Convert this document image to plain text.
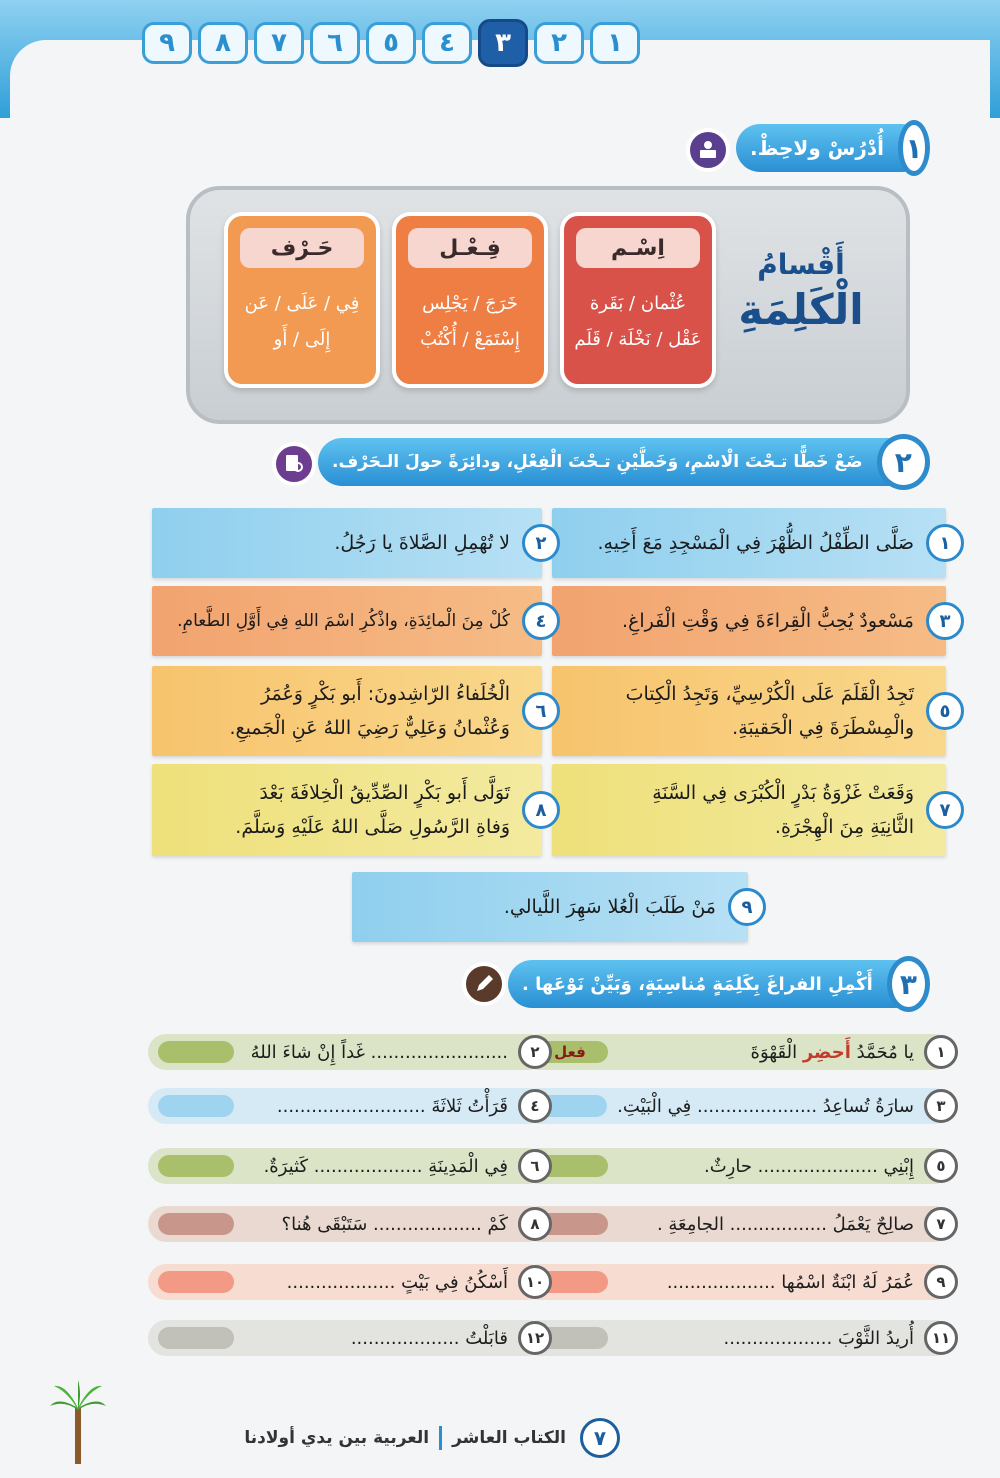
١
٢
٣
٤
٥
٦
٧
٨
٩
١
أُدْرُسْ ولاحِظْ.
أَقْسامُ
الْكَلِمَةِ
اِسْـم
عُثْمان / بَقَرة
عَقْل / نَخْلَة / قَلَم
فِـعْـل
خَرَجَ / يَجْلِس
إِسْتَمَعْ / أُكْتُبْ
حَـرْف
فِي / عَلَى / عَن
إِلَى / أَو
٢
ضَعْ خَطًّا تـحْتَ الْاسْمِ، وَخَطَّيْنِ تـحْتَ الْفِعْلِ، ودائِرَةً حولَ الـحَرْف.
١
صَلَّى الطِّفْلُ الظُّهْرَ فِي الْمَسْجِدِ مَعَ أَخِيهِ.
٢
لا تُهْمِلِ الصَّلاةَ يا رَجُلُ.
٣
مَسْعودٌ يُحِبُّ الْقِراءَةَ فِي وَقْتِ الْفَراغِ.
٤
كُلْ مِنَ الْمائِدَةِ، واذْكُرِ اسْمَ اللهِ فِي أَوَّلِ الطَّعامِ.
٥
تَجِدُ الْقَلَمَ عَلَى الْكُرْسِيِّ، وَتَجِدُ الْكِتابَ
والْمِسْطَرَةَ فِي الْحَقيبَةِ.
٦
الْخُلَفاءُ الرّاشِدونَ: أَبو بَكْرٍ وَعُمَرُ
وَعُثْمانُ وَعَلِيٌّ رَضِيَ اللهُ عَنِ الْجَميعِ.
٧
وَقَعَتْ غَزْوَةُ بَدْرٍ الْكُبْرَى فِي السَّنَةِ
الثَّانِيَةِ مِنَ الْهِجْرَةِ.
٨
تَوَلَّى أَبو بَكْرٍ الصِّدِّيقُ الْخِلافَةَ بَعْدَ
وَفاةِ الرَّسُولِ صَلَّى اللهُ عَلَيْهِ وَسَلَّمَ.
٩
مَنْ طَلَبَ الْعُلا سَهِرَ اللَّيالي.
٣
أَكْمِلِ الفراغَ بِكَلِمَةٍ مُناسِبَةٍ، وَبَيِّنْ نَوْعَها .
١
يا مُحَمَّدُ أَحضِر الْقَهْوَةَ
فعل
٢
........................ غَداً إِنْ شاءَ اللهُ
٣
سارَةُ تُساعِدُ ..................... فِي الْبَيْتِ.
٤
قَرَأْتُ ثَلاثَةَ ..........................
٥
إِبْنِي ..................... حارِثٌ.
٦
فِي الْمَدِينَةِ ................... كَثيرَةٌ.
٧
صالِحٌ يَعْمَلُ ................. الجامِعَةِ .
٨
كَمْ ................... سَتَبْقَى هُنا؟
٩
عُمَرُ لَهُ ابْنَةٌ اسْمُها ...................
١٠
أَسْكُنُ فِي بَيْتٍ ...................
١١
أُريدُ الثَّوْبَ ...................
١٢
قابَلْتُ ...................
٧
الكتاب العاشر
العربية بين يدي أولادنا
